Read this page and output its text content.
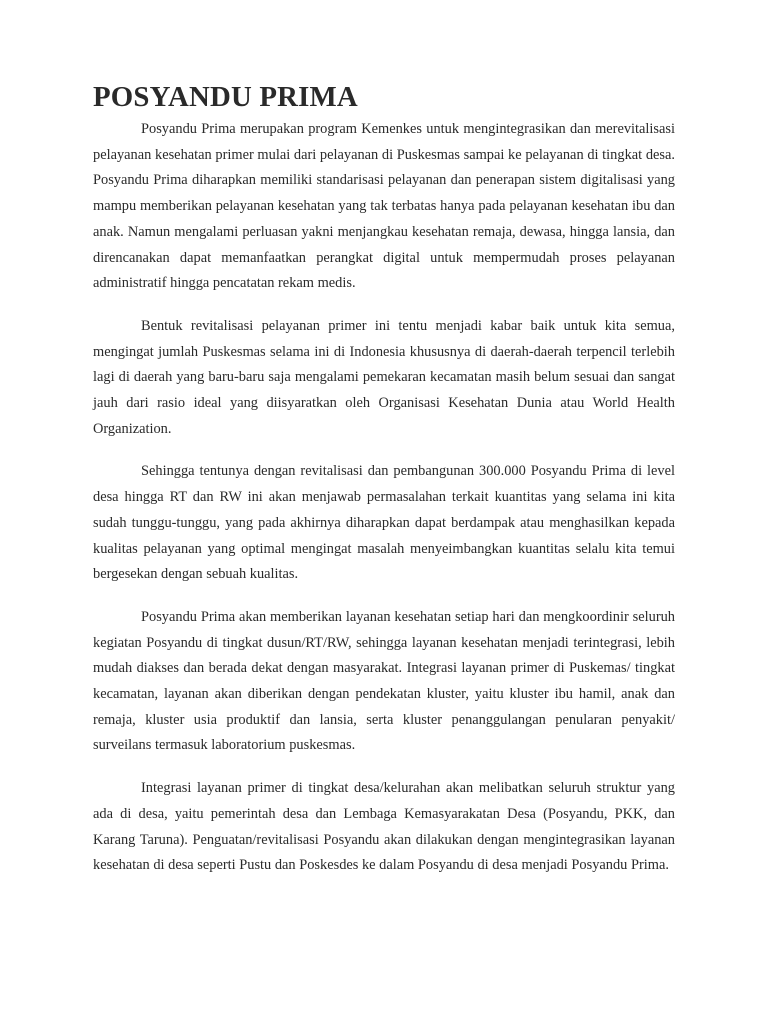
POSYANDU PRIMA

Posyandu Prima merupakan program Kemenkes untuk mengintegrasikan dan merevitalisasi pelayanan kesehatan primer mulai dari pelayanan di Puskesmas sampai ke pelayanan di tingkat desa. Posyandu Prima diharapkan memiliki standarisasi pelayanan dan penerapan sistem digitalisasi yang mampu memberikan pelayanan kesehatan yang tak terbatas hanya pada pelayanan kesehatan ibu dan anak. Namun mengalami perluasan yakni menjangkau kesehatan remaja, dewasa, hingga lansia, dan direncanakan dapat memanfaatkan perangkat digital untuk mempermudah proses pelayanan administratif hingga pencatatan rekam medis.

Bentuk revitalisasi pelayanan primer ini tentu menjadi kabar baik untuk kita semua, mengingat jumlah Puskesmas selama ini di Indonesia khususnya di daerah-daerah terpencil terlebih lagi di daerah yang baru-baru saja mengalami pemekaran kecamatan masih belum sesuai dan sangat jauh dari rasio ideal yang diisyaratkan oleh Organisasi Kesehatan Dunia atau World Health Organization.

Sehingga tentunya dengan revitalisasi dan pembangunan 300.000 Posyandu Prima di level desa hingga RT dan RW ini akan menjawab permasalahan terkait kuantitas yang selama ini kita sudah tunggu-tunggu, yang pada akhirnya diharapkan dapat berdampak atau menghasilkan kepada kualitas pelayanan yang optimal mengingat masalah menyeimbangkan kuantitas selalu kita temui bergesekan dengan sebuah kualitas.

Posyandu Prima akan memberikan layanan kesehatan setiap hari dan mengkoordinir seluruh kegiatan Posyandu di tingkat dusun/RT/RW, sehingga layanan kesehatan menjadi terintegrasi, lebih mudah diakses dan berada dekat dengan masyarakat. Integrasi layanan primer di Puskemas/ tingkat kecamatan, layanan akan diberikan dengan pendekatan kluster, yaitu kluster ibu hamil, anak dan remaja, kluster usia produktif dan lansia, serta kluster penanggulangan penularan penyakit/ surveilans termasuk laboratorium puskesmas.

Integrasi layanan primer di tingkat desa/kelurahan akan melibatkan seluruh struktur yang ada di desa, yaitu pemerintah desa dan Lembaga Kemasyarakatan Desa (Posyandu, PKK, dan Karang Taruna). Penguatan/revitalisasi Posyandu akan dilakukan dengan mengintegrasikan layanan kesehatan di desa seperti Pustu dan Poskesdes ke dalam Posyandu di desa menjadi Posyandu Prima.
